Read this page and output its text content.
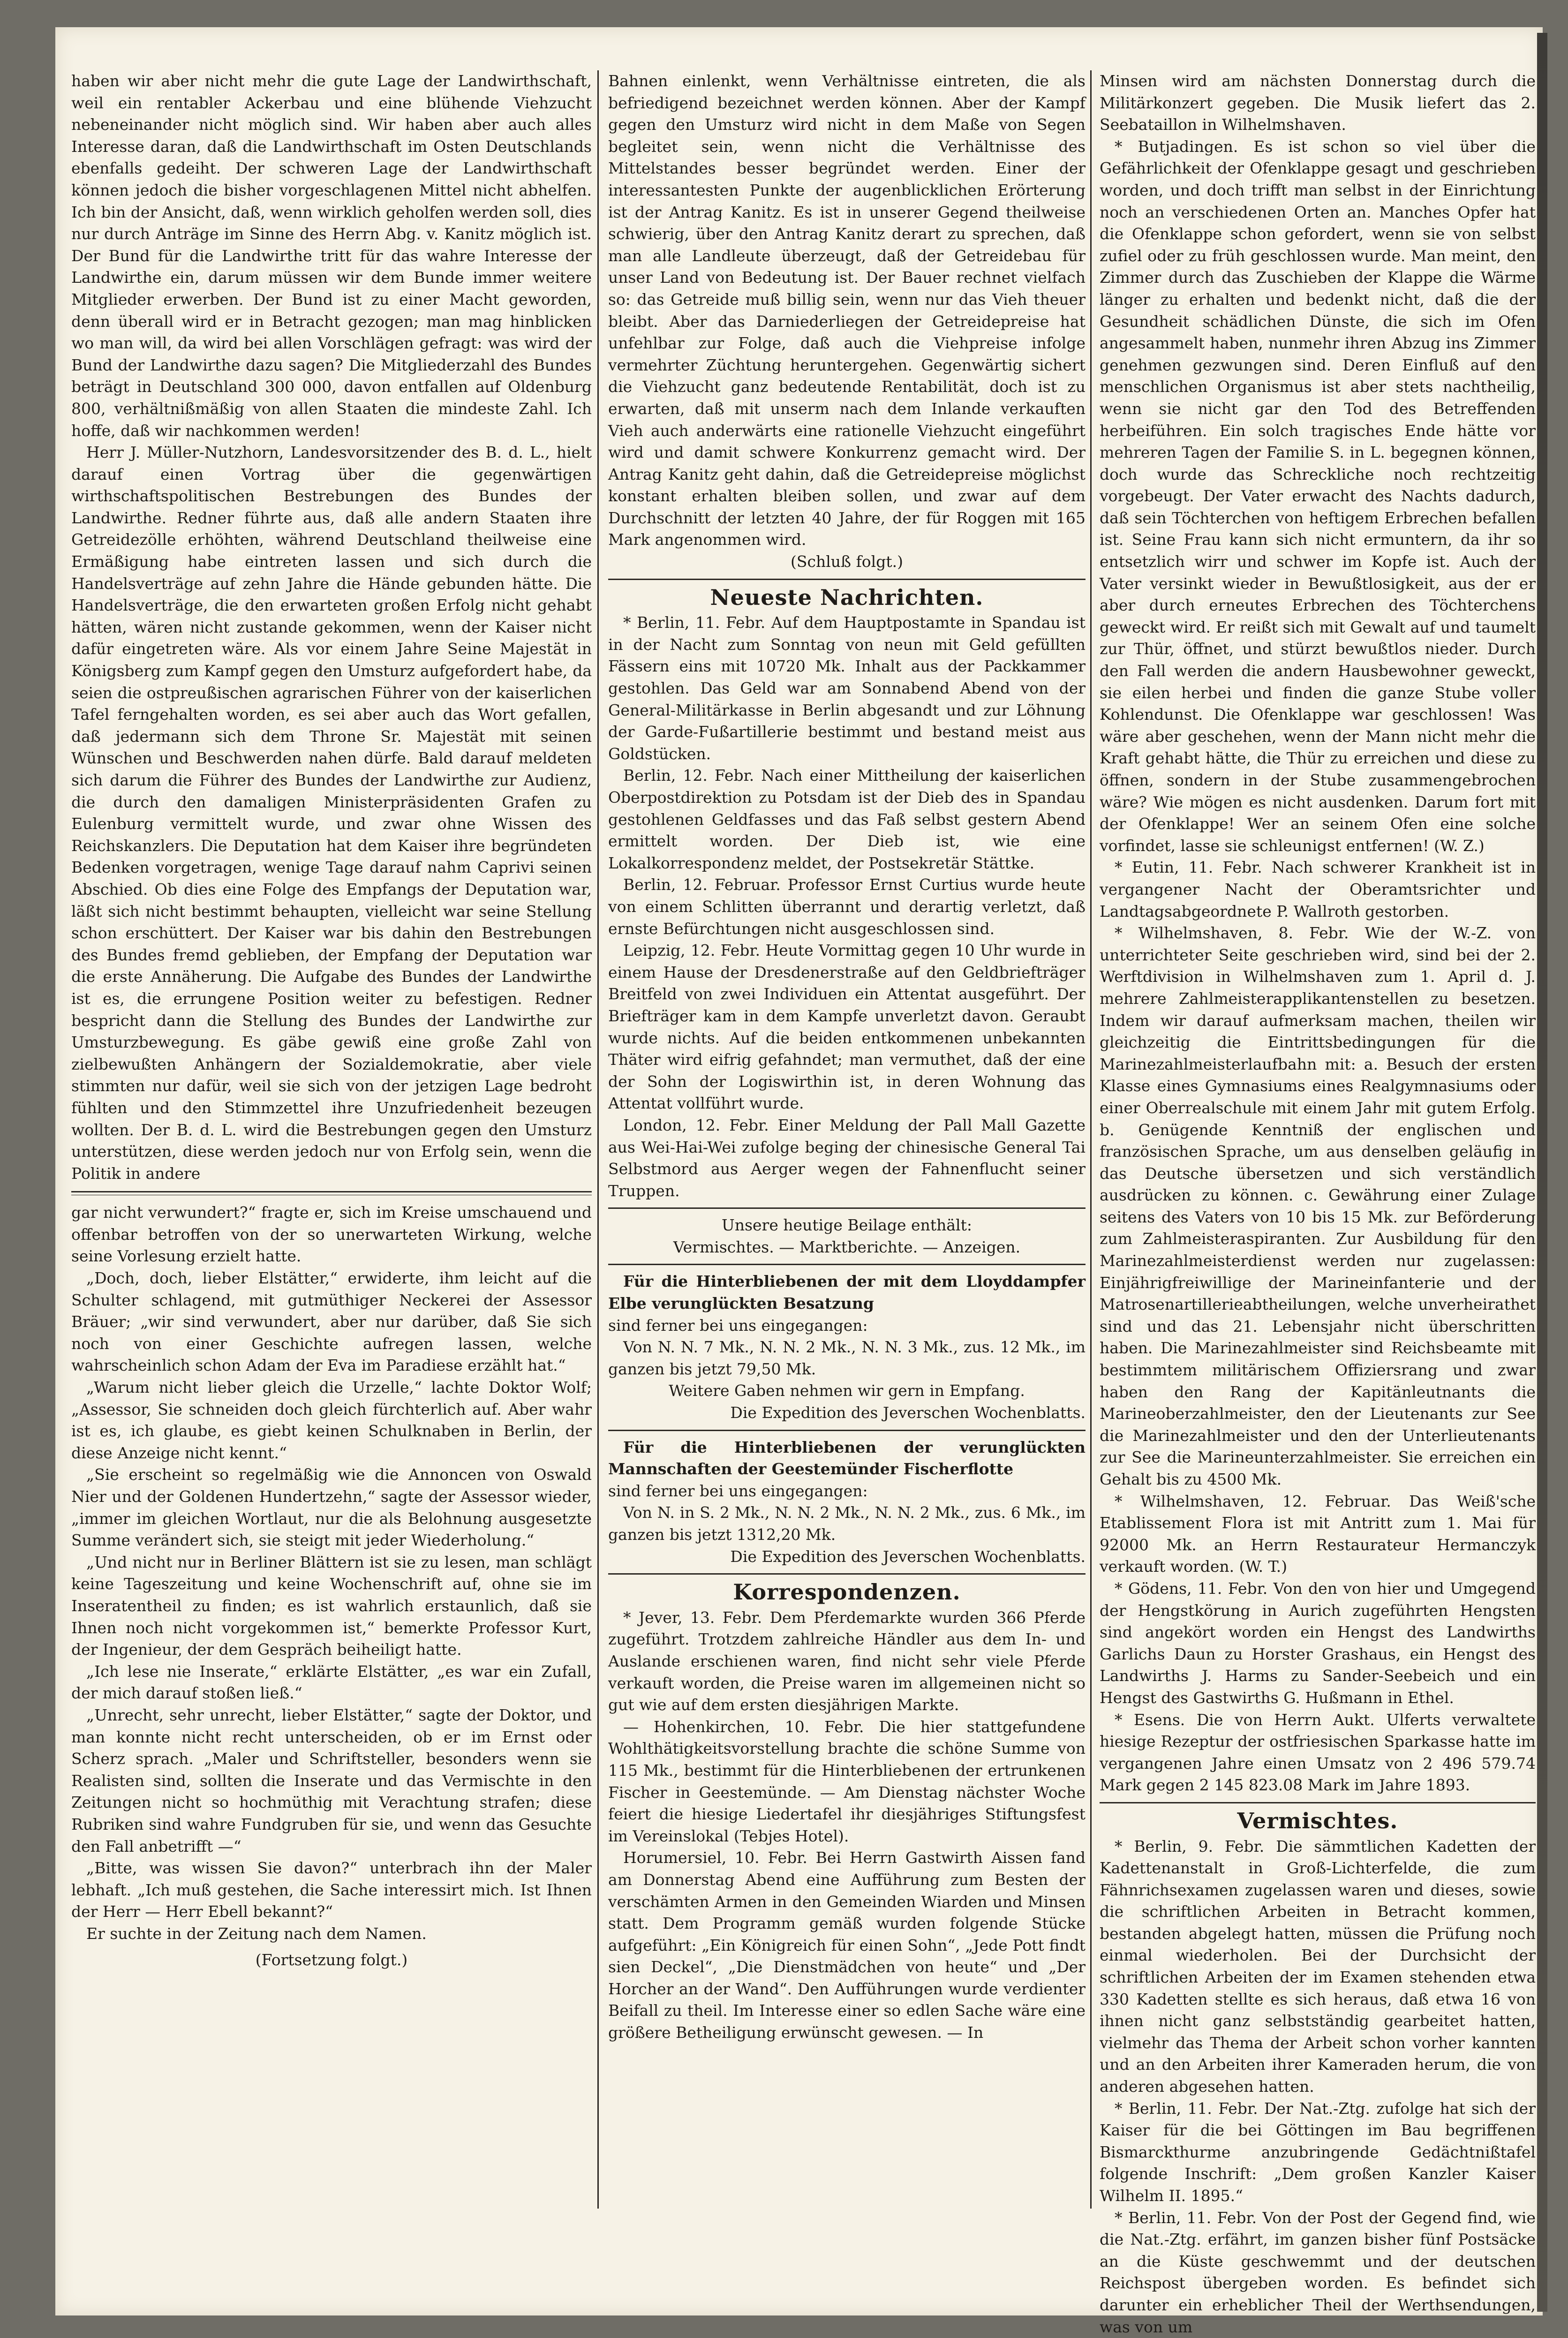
haben wir aber nicht mehr die gute Lage der Landwirthschaft, weil ein rentabler Ackerbau und eine blühende Viehzucht nebeneinander nicht möglich sind. Wir haben aber auch alles Interesse daran, daß die Landwirthschaft im Osten Deutschlands ebenfalls gedeiht. Der schweren Lage der Landwirthschaft können jedoch die bisher vorgeschlagenen Mittel nicht abhelfen. Ich bin der Ansicht, daß, wenn wirklich geholfen werden soll, dies nur durch Anträge im Sinne des Herrn Abg. v. Kanitz möglich ist. Der Bund für die Landwirthe tritt für das wahre Interesse der Landwirthe ein, darum müssen wir dem Bunde immer weitere Mitglieder erwerben. Der Bund ist zu einer Macht geworden, denn überall wird er in Betracht gezogen; man mag hinblicken wo man will, da wird bei allen Vorschlägen gefragt: was wird der Bund der Landwirthe dazu sagen? Die Mitgliederzahl des Bundes beträgt in Deutschland 300 000, davon entfallen auf Oldenburg 800, verhältnißmäßig von allen Staaten die mindeste Zahl. Ich hoffe, daß wir nachkommen werden!

Herr J. Müller-Nutzhorn, Landesvorsitzender des B. d. L., hielt darauf einen Vortrag über die gegenwärtigen wirthschaftspolitischen Bestrebungen des Bundes der Landwirthe. Redner führte aus, daß alle andern Staaten ihre Getreidezölle erhöhten, während Deutschland theilweise eine Ermäßigung habe eintreten lassen und sich durch die Handelsverträge auf zehn Jahre die Hände gebunden hätte. Die Handelsverträge, die den erwarteten großen Erfolg nicht gehabt hätten, wären nicht zustande gekommen, wenn der Kaiser nicht dafür eingetreten wäre. Als vor einem Jahre Seine Majestät in Königsberg zum Kampf gegen den Umsturz aufgefordert habe, da seien die ostpreußischen agrarischen Führer von der kaiserlichen Tafel ferngehalten worden, es sei aber auch das Wort gefallen, daß jedermann sich dem Throne Sr. Majestät mit seinen Wünschen und Beschwerden nahen dürfe. Bald darauf meldeten sich darum die Führer des Bundes der Landwirthe zur Audienz, die durch den damaligen Ministerpräsidenten Grafen zu Eulenburg vermittelt wurde, und zwar ohne Wissen des Reichskanzlers. Die Deputation hat dem Kaiser ihre begründeten Bedenken vorgetragen, wenige Tage darauf nahm Caprivi seinen Abschied. Ob dies eine Folge des Empfangs der Deputation war, läßt sich nicht bestimmt behaupten, vielleicht war seine Stellung schon erschüttert. Der Kaiser war bis dahin den Bestrebungen des Bundes fremd geblieben, der Empfang der Deputation war die erste Annäherung. Die Aufgabe des Bundes der Landwirthe ist es, die errungene Position weiter zu befestigen. Redner bespricht dann die Stellung des Bundes der Landwirthe zur Umsturzbewegung. Es gäbe gewiß eine große Zahl von zielbewußten Anhängern der Sozialdemokratie, aber viele stimmten nur dafür, weil sie sich von der jetzigen Lage bedroht fühlten und den Stimmzettel ihre Unzufriedenheit bezeugen wollten. Der B. d. L. wird die Bestrebungen gegen den Umsturz unterstützen, diese werden jedoch nur von Erfolg sein, wenn die Politik in andere

gar nicht verwundert?“ fragte er, sich im Kreise umschauend und offenbar betroffen von der so unerwarteten Wirkung, welche seine Vorlesung erzielt hatte.

„Doch, doch, lieber Elstätter,“ erwiderte, ihm leicht auf die Schulter schlagend, mit gutmüthiger Neckerei der Assessor Bräuer; „wir sind verwundert, aber nur darüber, daß Sie sich noch von einer Geschichte aufregen lassen, welche wahrscheinlich schon Adam der Eva im Paradiese erzählt hat.“

„Warum nicht lieber gleich die Urzelle,“ lachte Doktor Wolf; „Assessor, Sie schneiden doch gleich fürchterlich auf. Aber wahr ist es, ich glaube, es giebt keinen Schulknaben in Berlin, der diese Anzeige nicht kennt.“

„Sie erscheint so regelmäßig wie die Annoncen von Oswald Nier und der Goldenen Hundertzehn,“ sagte der Assessor wieder, „immer im gleichen Wortlaut, nur die als Belohnung ausgesetzte Summe verändert sich, sie steigt mit jeder Wiederholung.“

„Und nicht nur in Berliner Blättern ist sie zu lesen, man schlägt keine Tageszeitung und keine Wochenschrift auf, ohne sie im Inseratentheil zu finden; es ist wahrlich erstaunlich, daß sie Ihnen noch nicht vorgekommen ist,“ bemerkte Professor Kurt, der Ingenieur, der dem Gespräch beiheiligt hatte.

„Ich lese nie Inserate,“ erklärte Elstätter, „es war ein Zufall, der mich darauf stoßen ließ.“

„Unrecht, sehr unrecht, lieber Elstätter,“ sagte der Doktor, und man konnte nicht recht unterscheiden, ob er im Ernst oder Scherz sprach. „Maler und Schriftsteller, besonders wenn sie Realisten sind, sollten die Inserate und das Vermischte in den Zeitungen nicht so hochmüthig mit Verachtung strafen; diese Rubriken sind wahre Fundgruben für sie, und wenn das Gesuchte den Fall anbetrifft —“

„Bitte, was wissen Sie davon?“ unterbrach ihn der Maler lebhaft. „Ich muß gestehen, die Sache interessirt mich. Ist Ihnen der Herr — Herr Ebell bekannt?“

Er suchte in der Zeitung nach dem Namen.

(Fortsetzung folgt.)

Bahnen einlenkt, wenn Verhältnisse eintreten, die als befriedigend bezeichnet werden können. Aber der Kampf gegen den Umsturz wird nicht in dem Maße von Segen begleitet sein, wenn nicht die Verhältnisse des Mittelstandes besser begründet werden. Einer der interessantesten Punkte der augenblicklichen Erörterung ist der Antrag Kanitz. Es ist in unserer Gegend theilweise schwierig, über den Antrag Kanitz derart zu sprechen, daß man alle Landleute überzeugt, daß der Getreidebau für unser Land von Bedeutung ist. Der Bauer rechnet vielfach so: das Getreide muß billig sein, wenn nur das Vieh theuer bleibt. Aber das Darniederliegen der Getreidepreise hat unfehlbar zur Folge, daß auch die Viehpreise infolge vermehrter Züchtung heruntergehen. Gegenwärtig sichert die Viehzucht ganz bedeutende Rentabilität, doch ist zu erwarten, daß mit unserm nach dem Inlande verkauften Vieh auch anderwärts eine rationelle Viehzucht eingeführt wird und damit schwere Konkurrenz gemacht wird. Der Antrag Kanitz geht dahin, daß die Getreidepreise möglichst konstant erhalten bleiben sollen, und zwar auf dem Durchschnitt der letzten 40 Jahre, der für Roggen mit 165 Mark angenommen wird.

(Schluß folgt.)

Neueste Nachrichten.

* Berlin, 11. Febr. Auf dem Hauptpostamte in Spandau ist in der Nacht zum Sonntag von neun mit Geld gefüllten Fässern eins mit 10720 Mk. Inhalt aus der Packkammer gestohlen. Das Geld war am Sonnabend Abend von der General-Militärkasse in Berlin abgesandt und zur Löhnung der Garde-Fußartillerie bestimmt und bestand meist aus Goldstücken.

Berlin, 12. Febr. Nach einer Mittheilung der kaiserlichen Oberpostdirektion zu Potsdam ist der Dieb des in Spandau gestohlenen Geldfasses und das Faß selbst gestern Abend ermittelt worden. Der Dieb ist, wie eine Lokalkorrespondenz meldet, der Postsekretär Stättke.

Berlin, 12. Februar. Professor Ernst Curtius wurde heute von einem Schlitten überrannt und derartig verletzt, daß ernste Befürchtungen nicht ausgeschlossen sind.

Leipzig, 12. Febr. Heute Vormittag gegen 10 Uhr wurde in einem Hause der Dresdenerstraße auf den Geldbriefträger Breitfeld von zwei Individuen ein Attentat ausgeführt. Der Briefträger kam in dem Kampfe unverletzt davon. Geraubt wurde nichts. Auf die beiden entkommenen unbekannten Thäter wird eifrig gefahndet; man vermuthet, daß der eine der Sohn der Logiswirthin ist, in deren Wohnung das Attentat vollführt wurde.

London, 12. Febr. Einer Meldung der Pall Mall Gazette aus Wei-Hai-Wei zufolge beging der chinesische General Tai Selbstmord aus Aerger wegen der Fahnenflucht seiner Truppen.

Unsere heutige Beilage enthält:

Vermischtes. — Marktberichte. — Anzeigen.

Für die Hinterbliebenen der mit dem Lloyddampfer Elbe verunglückten Besatzung

sind ferner bei uns eingegangen:

Von N. N. 7 Mk., N. N. 2 Mk., N. N. 3 Mk., zus. 12 Mk., im ganzen bis jetzt 79,50 Mk.

Weitere Gaben nehmen wir gern in Empfang.

Die Expedition des Jeverschen Wochenblatts.

Für die Hinterbliebenen der verunglückten Mannschaften der Geestemünder Fischerflotte

sind ferner bei uns eingegangen:

Von N. in S. 2 Mk., N. N. 2 Mk., N. N. 2 Mk., zus. 6 Mk., im ganzen bis jetzt 1312,20 Mk.

Die Expedition des Jeverschen Wochenblatts.

Korrespondenzen.

* Jever, 13. Febr. Dem Pferdemarkte wurden 366 Pferde zugeführt. Trotzdem zahlreiche Händler aus dem In- und Auslande erschienen waren, find nicht sehr viele Pferde verkauft worden, die Preise waren im allgemeinen nicht so gut wie auf dem ersten diesjährigen Markte.

— Hohenkirchen, 10. Febr. Die hier stattgefundene Wohlthätigkeitsvorstellung brachte die schöne Summe von 115 Mk., bestimmt für die Hinterbliebenen der ertrunkenen Fischer in Geestemünde. — Am Dienstag nächster Woche feiert die hiesige Liedertafel ihr diesjähriges Stiftungsfest im Vereinslokal (Tebjes Hotel).

Horumersiel, 10. Febr. Bei Herrn Gastwirth Aissen fand am Donnerstag Abend eine Aufführung zum Besten der verschämten Armen in den Gemeinden Wiarden und Minsen statt. Dem Programm gemäß wurden folgende Stücke aufgeführt: „Ein Königreich für einen Sohn“, „Jede Pott findt sien Deckel“, „Die Dienstmädchen von heute“ und „Der Horcher an der Wand“. Den Aufführungen wurde verdienter Beifall zu theil. Im Interesse einer so edlen Sache wäre eine größere Betheiligung erwünscht gewesen. — In

Minsen wird am nächsten Donnerstag durch die Militärkonzert gegeben. Die Musik liefert das 2. Seebataillon in Wilhelmshaven.

* Butjadingen. Es ist schon so viel über die Gefährlichkeit der Ofenklappe gesagt und geschrieben worden, und doch trifft man selbst in der Einrichtung noch an verschiedenen Orten an. Manches Opfer hat die Ofenklappe schon gefordert, wenn sie von selbst zufiel oder zu früh geschlossen wurde. Man meint, den Zimmer durch das Zuschieben der Klappe die Wärme länger zu erhalten und bedenkt nicht, daß die der Gesundheit schädlichen Dünste, die sich im Ofen angesammelt haben, nunmehr ihren Abzug ins Zimmer genehmen gezwungen sind. Deren Einfluß auf den menschlichen Organismus ist aber stets nachtheilig, wenn sie nicht gar den Tod des Betreffenden herbeiführen. Ein solch tragisches Ende hätte vor mehreren Tagen der Familie S. in L. begegnen können, doch wurde das Schreckliche noch rechtzeitig vorgebeugt. Der Vater erwacht des Nachts dadurch, daß sein Töchterchen von heftigem Erbrechen befallen ist. Seine Frau kann sich nicht ermuntern, da ihr so entsetzlich wirr und schwer im Kopfe ist. Auch der Vater versinkt wieder in Bewußtlosigkeit, aus der er aber durch erneutes Erbrechen des Töchterchens geweckt wird. Er reißt sich mit Gewalt auf und taumelt zur Thür, öffnet, und stürzt bewußtlos nieder. Durch den Fall werden die andern Hausbewohner geweckt, sie eilen herbei und finden die ganze Stube voller Kohlendunst. Die Ofenklappe war geschlossen! Was wäre aber geschehen, wenn der Mann nicht mehr die Kraft gehabt hätte, die Thür zu erreichen und diese zu öffnen, sondern in der Stube zusammengebrochen wäre? Wie mögen es nicht ausdenken. Darum fort mit der Ofenklappe! Wer an seinem Ofen eine solche vorfindet, lasse sie schleunigst entfernen! (W. Z.)

* Eutin, 11. Febr. Nach schwerer Krankheit ist in vergangener Nacht der Oberamtsrichter und Landtagsabgeordnete P. Wallroth gestorben.

* Wilhelmshaven, 8. Febr. Wie der W.-Z. von unterrichteter Seite geschrieben wird, sind bei der 2. Werftdivision in Wilhelmshaven zum 1. April d. J. mehrere Zahlmeisterapplikantenstellen zu besetzen. Indem wir darauf aufmerksam machen, theilen wir gleichzeitig die Eintrittsbedingungen für die Marinezahlmeisterlaufbahn mit: a. Besuch der ersten Klasse eines Gymnasiums eines Realgymnasiums oder einer Oberrealschule mit einem Jahr mit gutem Erfolg. b. Genügende Kenntniß der englischen und französischen Sprache, um aus denselben geläufig in das Deutsche übersetzen und sich verständlich ausdrücken zu können. c. Gewährung einer Zulage seitens des Vaters von 10 bis 15 Mk. zur Beförderung zum Zahlmeisteraspiranten. Zur Ausbildung für den Marinezahlmeisterdienst werden nur zugelassen: Einjährigfreiwillige der Marineinfanterie und der Matrosenartillerieabtheilungen, welche unverheirathet sind und das 21. Lebensjahr nicht überschritten haben. Die Marinezahlmeister sind Reichsbeamte mit bestimmtem militärischem Offiziersrang und zwar haben den Rang der Kapitänleutnants die Marineoberzahlmeister, den der Lieutenants zur See die Marinezahlmeister und den der Unterlieutenants zur See die Marineunterzahlmeister. Sie erreichen ein Gehalt bis zu 4500 Mk.

* Wilhelmshaven, 12. Februar. Das Weiß'sche Etablissement Flora ist mit Antritt zum 1. Mai für 92000 Mk. an Herrn Restaurateur Hermanczyk verkauft worden. (W. T.)

* Gödens, 11. Febr. Von den von hier und Umgegend der Hengstkörung in Aurich zugeführten Hengsten sind angekört worden ein Hengst des Landwirths Garlichs Daun zu Horster Grashaus, ein Hengst des Landwirths J. Harms zu Sander-Seebeich und ein Hengst des Gastwirths G. Hußmann in Ethel.

* Esens. Die von Herrn Aukt. Ulferts verwaltete hiesige Rezeptur der ostfriesischen Sparkasse hatte im vergangenen Jahre einen Umsatz von 2 496 579.74 Mark gegen 2 145 823.08 Mark im Jahre 1893.

Vermischtes.

* Berlin, 9. Febr. Die sämmtlichen Kadetten der Kadettenanstalt in Groß-Lichterfelde, die zum Fähnrichsexamen zugelassen waren und dieses, sowie die schriftlichen Arbeiten in Betracht kommen, bestanden abgelegt hatten, müssen die Prüfung noch einmal wiederholen. Bei der Durchsicht der schriftlichen Arbeiten der im Examen stehenden etwa 330 Kadetten stellte es sich heraus, daß etwa 16 von ihnen nicht ganz selbstständig gearbeitet hatten, vielmehr das Thema der Arbeit schon vorher kannten und an den Arbeiten ihrer Kameraden herum, die von anderen abgesehen hatten.

* Berlin, 11. Febr. Der Nat.-Ztg. zufolge hat sich der Kaiser für die bei Göttingen im Bau begriffenen Bismarckthurme anzubringende Gedächtnißtafel folgende Inschrift: „Dem großen Kanzler Kaiser Wilhelm II. 1895.“

* Berlin, 11. Febr. Von der Post der Gegend find, wie die Nat.-Ztg. erfährt, im ganzen bisher fünf Postsäcke an die Küste geschwemmt und der deutschen Reichspost übergeben worden. Es befindet sich darunter ein erheblicher Theil der Werthsendungen, was von um
